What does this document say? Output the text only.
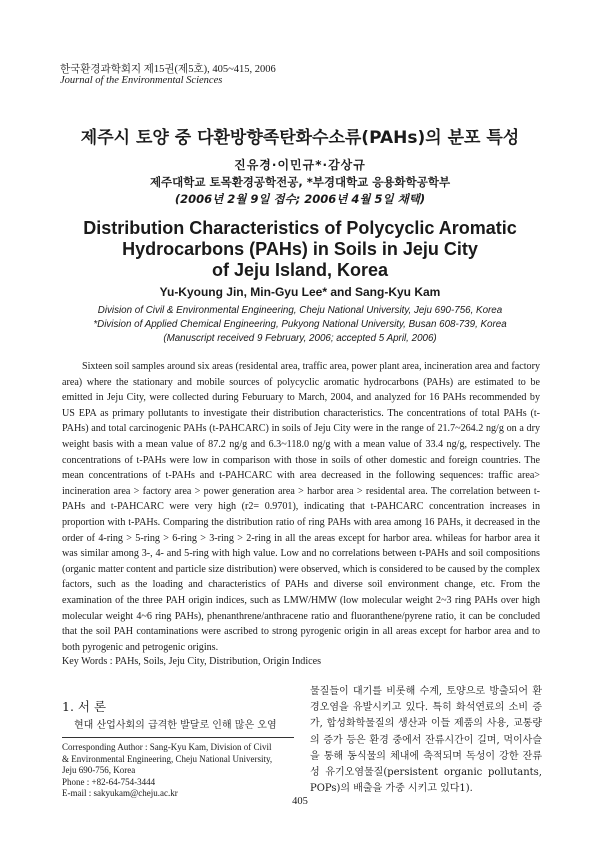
한국환경과학회지 제15권(제5호), 405~415, 2006
Journal of the Environmental Sciences
제주시 토양 중 다환방향족탄화수소류(PAHs)의 분포 특성
진유경·이민규*·감상규
제주대학교 토목환경공학전공, *부경대학교 응용화학공학부
(2006년 2월 9일 접수; 2006년 4월 5일 채택)
Distribution Characteristics of Polycyclic Aromatic
Hydrocarbons (PAHs) in Soils in Jeju City
of Jeju Island, Korea
Yu-Kyoung Jin, Min-Gyu Lee* and Sang-Kyu Kam
Division of Civil & Environmental Engineering, Cheju National University, Jeju 690-756, Korea
*Division of Applied Chemical Engineering, Pukyong National University, Busan 608-739, Korea
(Manuscript received 9 February, 2006; accepted 5 April, 2006)

Sixteen soil samples around six areas (residental area, traffic area, power plant area, incineration area and factory area) where the stationary and mobile sources of polycyclic aromatic hydrocarbons (PAHs) are estimated to be emitted in Jeju City, were collected during Feburuary to March, 2004, and analyzed for 16 PAHs recommended by US EPA as primary pollutants to investigate their distribution characteristics. The concentrations of total PAHs (t-PAHs) and total carcinogenic PAHs (t-PAHCARC) in soils of Jeju City were in the range of 21.7~264.2 ng/g on a dry weight basis with a mean value of 87.2 ng/g and 6.3~118.0 ng/g with a mean value of 33.4 ng/g, respectively. The concentrations of t-PAHs were low in comparison with those in soils of other domestic and foreign countries. The mean concentrations of t-PAHs and t-PAHCARC with area decreased in the following sequences: traffic area> incineration area > factory area > power generation area > harbor area > residental area. The correlation between t-PAHs and t-PAHCARC were very high (r2= 0.9701), indicating that t-PAHCARC concentration increases in proportion with t-PAHs. Comparing the distribution ratio of ring PAHs with area among 16 PAHs, it decreased in the order of 4-ring > 5-ring > 6-ring > 3-ring > 2-ring in all the areas except for harbor area. whileas for harbor area it was similar among 3-, 4- and 5-ring with high value. Low and no correlations between t-PAHs and soil compositions (organic matter content and particle size distribution) were observed, which is considered to be caused by the complex factors, such as the loading and characteristics of PAHs and diverse soil environment change, etc. From the examination of the three PAH origin indices, such as LMW/HMW (low molecular weight 2~3 ring PAHs over high molecular weight 4~6 ring PAHs), phenanthrene/anthracene ratio and fluoranthene/pyrene ratio, it can be concluded that the soil PAH contaminations were ascribed to strong pyrogenic origin in all areas except for harbor area and to both pyrogenic and petrogenic origins.

Key Words : PAHs, Soils, Jeju City, Distribution, Origin Indices
1. 서 론
현대 산업사회의 급격한 발달로 인해 많은 오염
Corresponding Author : Sang-Kyu Kam, Division of Civil
& Environmental Engineering, Cheju National University,
Jeju 690-756, Korea
Phone : +82-64-754-3444
E-mail : sakyukam@cheju.ac.kr
물질들이 대기를 비롯해 수계, 토양으로 방출되어 환경오염을 유발시키고 있다. 특히 화석연료의 소비 증가, 합성화학물질의 생산과 이들 제품의 사용, 교통량의 증가 등은 환경 중에서 잔류시간이 길며, 먹이사슬을 통해 동식물의 체내에 축적되며 독성이 강한 잔류성 유기오염물질(persistent organic pollutants, POPs)의 배출을 가중 시키고 있다1).
405
